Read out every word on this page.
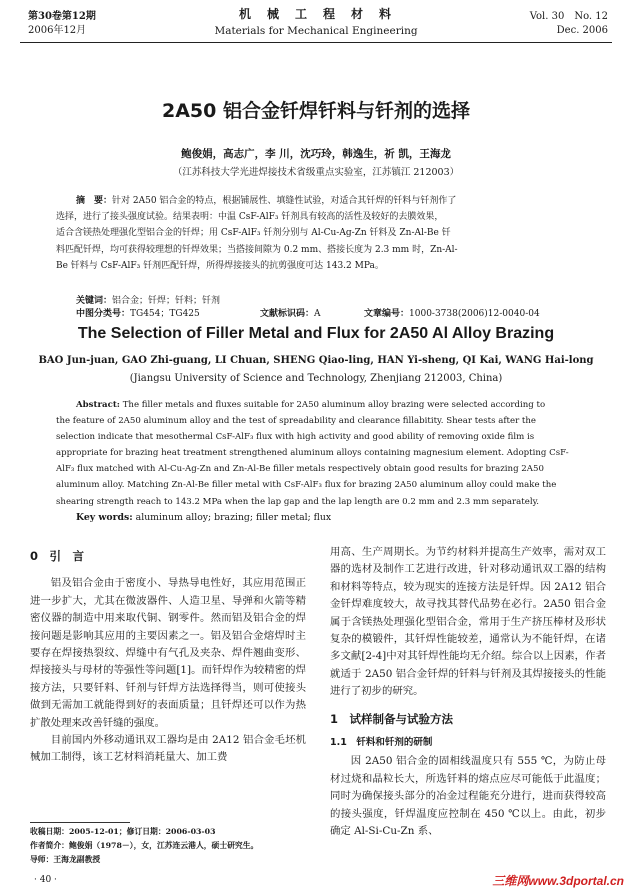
第30卷第12期
2006年12月
机　械　工　程　材　料
Materials for Mechanical Engineering
Vol. 30　No. 12
Dec. 2006
2A50 铝合金钎焊钎料与钎剂的选择
鲍俊娟，高志广，李 川，沈巧玲，韩逸生，祈 凯，王海龙
（江苏科技大学光进焊接技术省级重点实验室，江苏镇江 212003）
摘　要：针对 2A50 铝合金的特点，根据铺展性、填缝性试验，对适合其钎焊的钎料与钎剂作了
选择，进行了接头强度试验。结果表明：中温 CsF-AlF₃ 钎剂具有较高的活性及较好的去膜效果，
适合含镁热处理强化型铝合金的钎焊；用 CsF-AlF₃ 钎剂分别与 Al-Cu-Ag-Zn 钎料及 Zn-Al-Be 钎
料匹配钎焊，均可获得较理想的钎焊效果；当搭接间隙为 0.2 mm、搭接长度为 2.3 mm 时，Zn-Al-
Be 钎料与 CsF-AlF₃ 钎剂匹配钎焊，所得焊接接头的抗剪强度可达 143.2 MPa。
关键词：铝合金；钎焊；钎料；钎剂
中图分类号：TG454；TG425	文献标识码：A	文章编号：1000-3738(2006)12-0040-04
The Selection of Filler Metal and Flux for 2A50 Al Alloy Brazing
BAO Jun-juan, GAO Zhi-guang, LI Chuan, SHENG Qiao-ling, HAN Yi-sheng, QI Kai, WANG Hai-long
(Jiangsu University of Science and Technology, Zhenjiang 212003, China)
Abstract: The filler metals and fluxes suitable for 2A50 aluminum alloy brazing were selected according to
the feature of 2A50 aluminum alloy and the test of spreadability and clearance fillabitity. Shear tests after the
selection indicate that mesothermal CsF-AlF₃ flux with high activity and good ability of removing oxide film is
appropriate for brazing heat treatment strengthened aluminum alloys containing magnesium element. Adopting CsF-
AlF₃ flux matched with Al-Cu-Ag-Zn and Zn-Al-Be filler metals respectively obtain good results for brazing 2A50
aluminum alloy. Matching Zn-Al-Be filler metal with CsF-AlF₃ flux for brazing 2A50 aluminum alloy could make the
shearing strength reach to 143.2 MPa when the lap gap and the lap length are 0.2 mm and 2.3 mm separately.
Key words: aluminum alloy; brazing; filler metal; flux
0　引　言

铝及铝合金由于密度小、导热导电性好，其应用范围正进一步扩大，尤其在微波器件、人造卫星、导弹和火箭等精密仪器的制造中用来取代铜、钢零件。然而铝及铝合金的焊接问题是影响其应用的主要因素之一。铝及铝合金熔焊时主要存在焊接热裂纹、焊缝中有气孔及夹杂、焊件翘曲变形、焊接接头与母材的等强性等问题[1]。而钎焊作为较精密的焊接方法，只要钎料、钎剂与钎焊方法选择得当，则可使接头做到无需加工就能得到好的表面质量；且钎焊还可以作为热扩散处理来改善钎缝的强度。

目前国内外移动通讯双工器均是由 2A12 铝合金毛坯机械加工制得，该工艺材料消耗量大、加工费

用高、生产周期长。为节约材料并提高生产效率，需对双工器的选材及制作工艺进行改进，针对移动通讯双工器的结构和材料等特点，较为现实的连接方法是钎焊。因 2A12 铝合金钎焊难度较大，故寻找其替代品势在必行。2A50 铝合金属于含镁热处理强化型铝合金，常用于生产挤压棒材及形状复杂的模锻件，其钎焊性能较差，通常认为不能钎焊，在诸多文献[2-4]中对其钎焊性能均无介绍。综合以上因素，作者就适于 2A50 铝合金钎焊的钎料与钎剂及其焊接接头的性能进行了初步的研究。

1　试样制备与试验方法
1.1　钎料和钎剂的研制

因 2A50 铝合金的固相线温度只有 555 ℃，为防止母材过烧和晶粒长大，所选钎料的熔点应尽可能低于此温度；同时为确保接头部分的冶金过程能充分进行，进而获得较高的接头强度，钎焊温度应控制在 450 ℃以上。由此，初步确定 Al-Si-Cu-Zn 系、

收稿日期：2005-12-01；修订日期：2006-03-03
作者简介：鲍俊娟（1978－），女，江苏连云港人，硕士研究生。
导师：王海龙副教授
· 40 ·	三维网www.3dportal.cn
